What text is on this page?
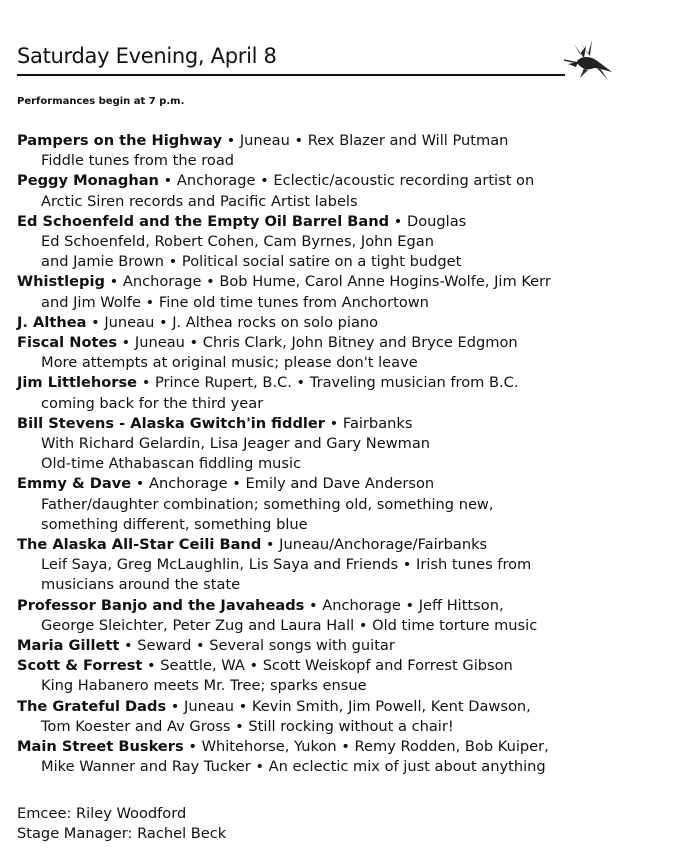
Saturday Evening, April 8
Performances begin at 7 p.m.
Pampers on the Highway • Juneau • Rex Blazer and Will Putman
Fiddle tunes from the road
Peggy Monaghan • Anchorage • Eclectic/acoustic recording artist on
Arctic Siren records and Pacific Artist labels
Ed Schoenfeld and the Empty Oil Barrel Band • Douglas
Ed Schoenfeld, Robert Cohen, Cam Byrnes, John Egan
and Jamie Brown • Political social satire on a tight budget
Whistlepig • Anchorage • Bob Hume, Carol Anne Hogins-Wolfe, Jim Kerr
and Jim Wolfe • Fine old time tunes from Anchortown
J. Althea • Juneau • J. Althea rocks on solo piano
Fiscal Notes • Juneau • Chris Clark, John Bitney and Bryce Edgmon
More attempts at original music; please don't leave
Jim Littlehorse • Prince Rupert, B.C. • Traveling musician from B.C.
coming back for the third year
Bill Stevens - Alaska Gwitch'in fiddler • Fairbanks
With Richard Gelardin, Lisa Jeager and Gary Newman
Old-time Athabascan fiddling music
Emmy & Dave • Anchorage • Emily and Dave Anderson
Father/daughter combination; something old, something new,
something different, something blue
The Alaska All-Star Ceili Band • Juneau/Anchorage/Fairbanks
Leif Saya, Greg McLaughlin, Lis Saya and Friends • Irish tunes from
musicians around the state
Professor Banjo and the Javaheads • Anchorage • Jeff Hittson,
George Sleichter, Peter Zug and Laura Hall • Old time torture music
Maria Gillett • Seward • Several songs with guitar
Scott & Forrest • Seattle, WA • Scott Weiskopf and Forrest Gibson
King Habanero meets Mr. Tree; sparks ensue
The Grateful Dads • Juneau • Kevin Smith, Jim Powell, Kent Dawson,
Tom Koester and Av Gross • Still rocking without a chair!
Main Street Buskers • Whitehorse, Yukon • Remy Rodden, Bob Kuiper,
Mike Wanner and Ray Tucker • An eclectic mix of just about anything
Emcee: Riley Woodford
Stage Manager: Rachel Beck
